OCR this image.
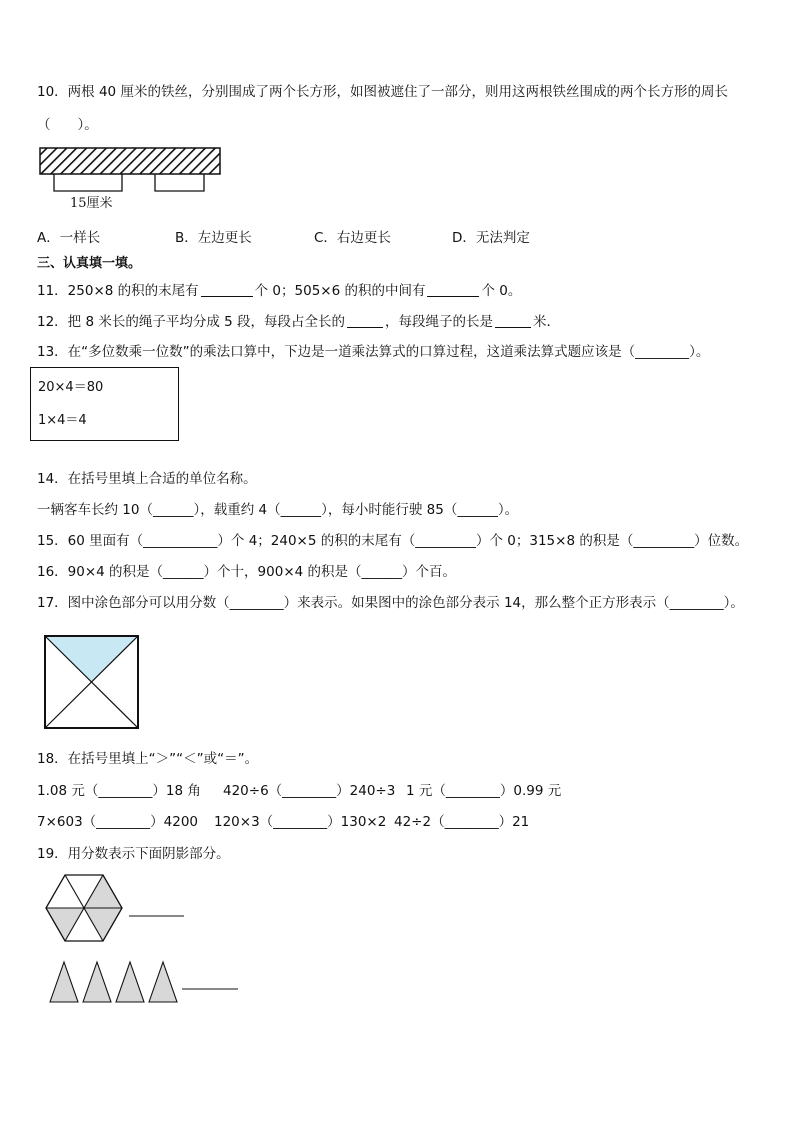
10．两根 40 厘米的铁丝，分别围成了两个长方形，如图被遮住了一部分，则用这两根铁丝围成的两个长方形的周长
（　　）。
15厘米
A．一样长	B．左边更长	C．右边更长	D．无法判定
三、认真填一填。
11．250×8 的积的末尾有	个 0；505×6 的积的中间有	个 0。
12．把 8 米长的绳子平均分成 5 段，每段占全长的	，每段绳子的长是	米．
13．在“多位数乘一位数”的乘法口算中，下边是一道乘法算式的口算过程，这道乘法算式题应该是（________）。
20×4＝80
1×4＝4
14．在括号里填上合适的单位名称。
一辆客车长约 10（______），载重约 4（______），每小时能行驶 85（______）。
15．60 里面有（___________）个 4；240×5 的积的末尾有（_________）个 0；315×8 的积是（_________）位数。
16．90×4 的积是（______）个十，900×4 的积是（______）个百。
17．图中涂色部分可以用分数（________）来表示。如果图中的涂色部分表示 14，那么整个正方形表示（________）。
18．在括号里填上“＞”“＜”或“＝”。
1.08 元（________）18 角 420÷6（________）240÷3 1 元（________）0.99 元
7×603（________）4200 120×3（________）130×2 42÷2（________）21
19．用分数表示下面阴影部分。
